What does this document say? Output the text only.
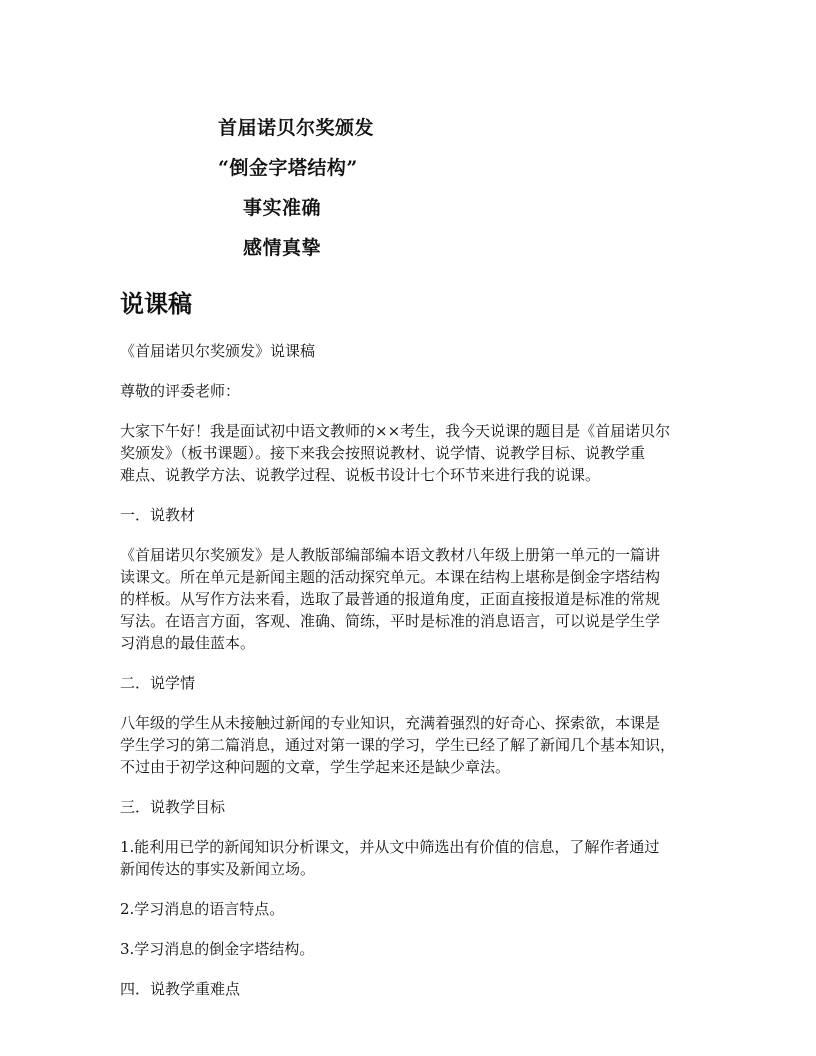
首届诺贝尔奖颁发
“倒金字塔结构”
事实准确
感情真挚
说课稿
《首届诺贝尔奖颁发》说课稿
尊敬的评委老师：
大家下午好！我是面试初中语文教师的××考生，我今天说课的题目是《首届诺贝尔
奖颁发》（板书课题）。接下来我会按照说教材、说学情、说教学目标、说教学重
难点、说教学方法、说教学过程、说板书设计七个环节来进行我的说课。
一．说教材
《首届诺贝尔奖颁发》是人教版部编部编本语文教材八年级上册第一单元的一篇讲
读课文。所在单元是新闻主题的活动探究单元。本课在结构上堪称是倒金字塔结构
的样板。从写作方法来看，选取了最普通的报道角度，正面直接报道是标准的常规
写法。在语言方面，客观、准确、简练，平时是标准的消息语言，可以说是学生学
习消息的最佳蓝本。
二．说学情
八年级的学生从未接触过新闻的专业知识，充满着强烈的好奇心、探索欲，本课是
学生学习的第二篇消息，通过对第一课的学习，学生已经了解了新闻几个基本知识，
不过由于初学这种问题的文章，学生学起来还是缺少章法。
三．说教学目标
1.能利用已学的新闻知识分析课文，并从文中筛选出有价值的信息，了解作者通过
新闻传达的事实及新闻立场。
2.学习消息的语言特点。
3.学习消息的倒金字塔结构。
四．说教学重难点
